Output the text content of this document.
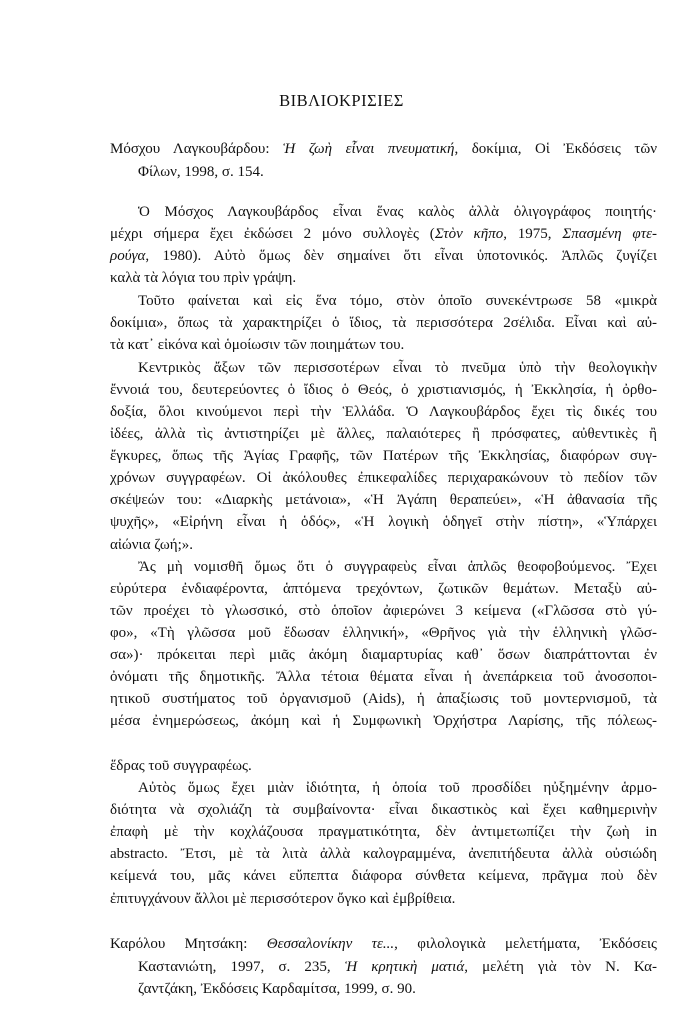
ΒΙΒΛΙΟΚΡΙΣΙΕΣ
Μόσχου Λαγκουβάρδου: Ἡ ζωὴ εἶναι πνευματική, δοκίμια, Οἱ Ἐκδόσεις τῶν
Φίλων, 1998, σ. 154.
Ὁ Μόσχος Λαγκουβάρδος εἶναι ἕνας καλὸς ἀλλὰ ὀλιγογράφος ποιητής·
μέχρι σήμερα ἔχει ἐκδώσει 2 μόνο συλλογὲς (Στὸν κῆπο, 1975, Σπασμένη φτε-
ρούγα, 1980). Αὐτὸ ὅμως δὲν σημαίνει ὅτι εἶναι ὑποτονικός. Ἁπλῶς ζυγίζει
καλὰ τὰ λόγια του πρὶν γράψη.
Τοῦτο φαίνεται καὶ εἰς ἕνα τόμο, στὸν ὁποῖο συνεκέντρωσε 58 «μικρὰ
δοκίμια», ὅπως τὰ χαρακτηρίζει ὁ ἴδιος, τὰ περισσότερα 2σέλιδα. Εἶναι καὶ αὐ-
τὰ κατ᾽ εἰκόνα καὶ ὁμοίωσιν τῶν ποιημάτων του.
Κεντρικὸς ἄξων τῶν περισσοτέρων εἶναι τὸ πνεῦμα ὑπὸ τὴν θεολογικὴν
ἔννοιά του, δευτερεύοντες ὁ ἴδιος ὁ Θεός, ὁ χριστιανισμός, ἡ Ἐκκλησία, ἡ ὀρθο-
δοξία, ὅλοι κινούμενοι περὶ τὴν Ἑλλάδα. Ὁ Λαγκουβάρδος ἔχει τὶς δικές του
ἰδέες, ἀλλὰ τὶς ἀντιστηρίζει μὲ ἄλλες, παλαιότερες ἢ πρόσφατες, αὐθεντικὲς ἢ
ἔγκυρες, ὅπως τῆς Ἁγίας Γραφῆς, τῶν Πατέρων τῆς Ἐκκλησίας, διαφόρων συγ-
χρόνων συγγραφέων. Οἱ ἀκόλουθες ἐπικεφαλίδες περιχαρακώνουν τὸ πεδίον τῶν
σκέψεών του: «Διαρκὴς μετάνοια», «Ἡ Ἀγάπη θεραπεύει», «Ἡ ἀθανασία τῆς
ψυχῆς», «Εἰρήνη εἶναι ἡ ὁδός», «Ἡ λογικὴ ὁδηγεῖ στὴν πίστη», «Ὑπάρχει
αἰώνια ζωή;».
Ἂς μὴ νομισθῆ ὅμως ὅτι ὁ συγγραφεὺς εἶναι ἁπλῶς θεοφοβούμενος. Ἔχει
εὐρύτερα ἐνδιαφέροντα, ἁπτόμενα τρεχόντων, ζωτικῶν θεμάτων. Μεταξὺ αὐ-
τῶν προέχει τὸ γλωσσικό, στὸ ὁποῖον ἀφιερώνει 3 κείμενα («Γλῶσσα στὸ γύ-
φο», «Τὴ γλῶσσα μοῦ ἔδωσαν ἑλληνική», «Θρῆνος γιὰ τὴν ἑλληνικὴ γλῶσ-
σα»)· πρόκειται περὶ μιᾶς ἀκόμη διαμαρτυρίας καθ᾽ ὅσων διαπράττονται ἐν
ὀνόματι τῆς δημοτικῆς. Ἄλλα τέτοια θέματα εἶναι ἡ ἀνεπάρκεια τοῦ ἀνοσοποι-
ητικοῦ συστήματος τοῦ ὀργανισμοῦ (Aids), ἡ ἀπαξίωσις τοῦ μοντερνισμοῦ, τὰ
μέσα ἐνημερώσεως, ἀκόμη καὶ ἡ Συμφωνικὴ Ὀρχήστρα Λαρίσης, τῆς πόλεως-
ἕδρας τοῦ συγγραφέως.
Αὐτὸς ὅμως ἔχει μιὰν ἰδιότητα, ἡ ὁποία τοῦ προσδίδει ηὐξημένην ἁρμο-
διότητα νὰ σχολιάζη τὰ συμβαίνοντα· εἶναι δικαστικὸς καὶ ἔχει καθημερινὴν
ἐπαφὴ μὲ τὴν κοχλάζουσα πραγματικότητα, δὲν ἀντιμετωπίζει τὴν ζωὴ in
abstracto. Ἔτσι, μὲ τὰ λιτὰ ἀλλὰ καλογραμμένα, ἀνεπιτήδευτα ἀλλὰ οὐσιώδη
κείμενά του, μᾶς κάνει εὔπεπτα διάφορα σύνθετα κείμενα, πρᾶγμα ποὺ δὲν
ἐπιτυγχάνουν ἄλλοι μὲ περισσότερον ὄγκο καὶ ἐμβρίθεια.
Καρόλου Μητσάκη: Θεσσαλονίκην τε..., φιλολογικὰ μελετήματα, Ἐκδόσεις
Καστανιώτη, 1997, σ. 235, Ἡ κρητικὴ ματιά, μελέτη γιὰ τὸν Ν. Κα-
ζαντζάκη, Ἐκδόσεις Καρδαμίτσα, 1999, σ. 90.
